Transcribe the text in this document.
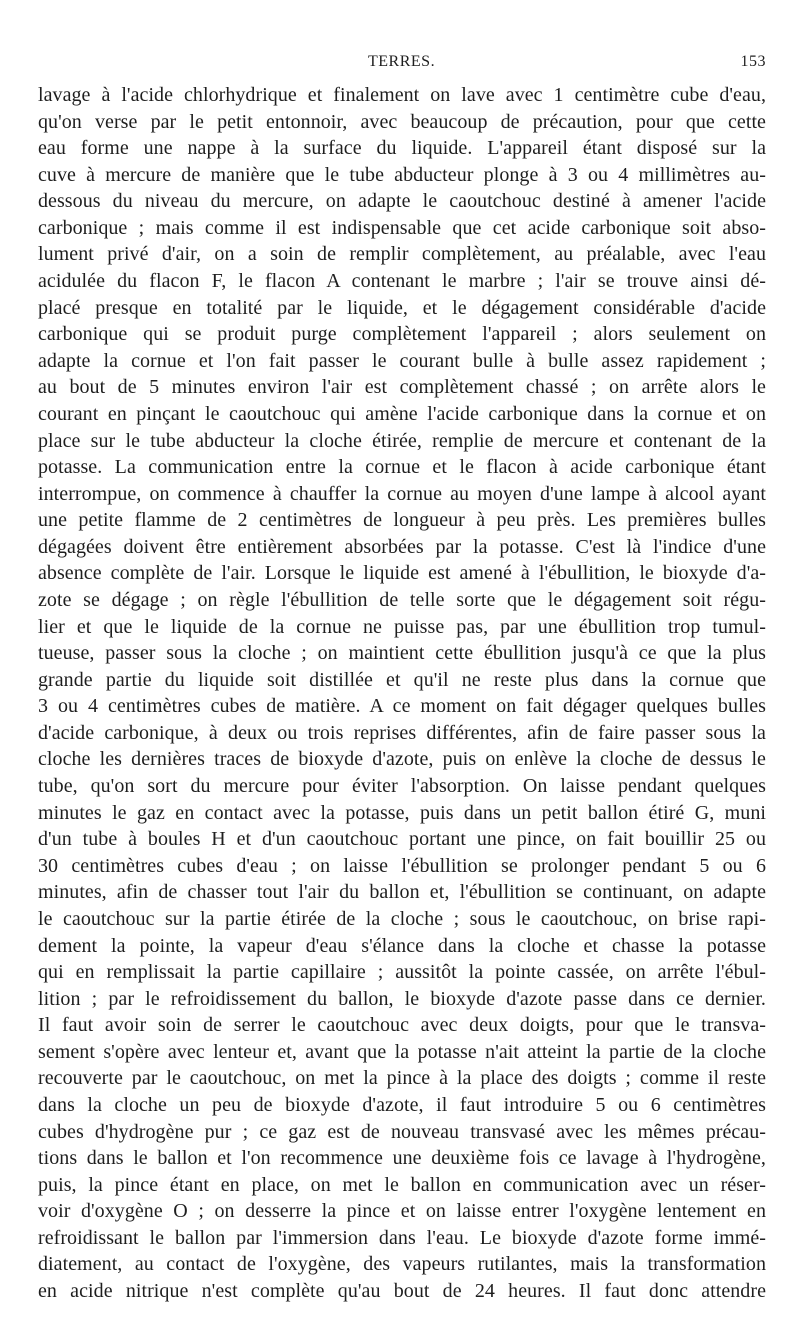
TERRES.	153
lavage à l'acide chlorhydrique et finalement on lave avec 1 centimètre cube d'eau,
qu'on verse par le petit entonnoir, avec beaucoup de précaution, pour que cette
eau forme une nappe à la surface du liquide. L'appareil étant disposé sur la
cuve à mercure de manière que le tube abducteur plonge à 3 ou 4 millimètres au-
dessous du niveau du mercure, on adapte le caoutchouc destiné à amener l'acide
carbonique ; mais comme il est indispensable que cet acide carbonique soit abso-
lument privé d'air, on a soin de remplir complètement, au préalable, avec l'eau
acidulée du flacon F, le flacon A contenant le marbre ; l'air se trouve ainsi dé-
placé presque en totalité par le liquide, et le dégagement considérable d'acide
carbonique qui se produit purge complètement l'appareil ; alors seulement on
adapte la cornue et l'on fait passer le courant bulle à bulle assez rapidement ;
au bout de 5 minutes environ l'air est complètement chassé ; on arrête alors le
courant en pinçant le caoutchouc qui amène l'acide carbonique dans la cornue et on
place sur le tube abducteur la cloche étirée, remplie de mercure et contenant de la
potasse. La communication entre la cornue et le flacon à acide carbonique étant
interrompue, on commence à chauffer la cornue au moyen d'une lampe à alcool ayant
une petite flamme de 2 centimètres de longueur à peu près. Les premières bulles
dégagées doivent être entièrement absorbées par la potasse. C'est là l'indice d'une
absence complète de l'air. Lorsque le liquide est amené à l'ébullition, le bioxyde d'a-
zote se dégage ; on règle l'ébullition de telle sorte que le dégagement soit régu-
lier et que le liquide de la cornue ne puisse pas, par une ébullition trop tumul-
tueuse, passer sous la cloche ; on maintient cette ébullition jusqu'à ce que la plus
grande partie du liquide soit distillée et qu'il ne reste plus dans la cornue que
3 ou 4 centimètres cubes de matière. A ce moment on fait dégager quelques bulles
d'acide carbonique, à deux ou trois reprises différentes, afin de faire passer sous la
cloche les dernières traces de bioxyde d'azote, puis on enlève la cloche de dessus le
tube, qu'on sort du mercure pour éviter l'absorption. On laisse pendant quelques
minutes le gaz en contact avec la potasse, puis dans un petit ballon étiré G, muni
d'un tube à boules H et d'un caoutchouc portant une pince, on fait bouillir 25 ou
30 centimètres cubes d'eau ; on laisse l'ébullition se prolonger pendant 5 ou 6
minutes, afin de chasser tout l'air du ballon et, l'ébullition se continuant, on adapte
le caoutchouc sur la partie étirée de la cloche ; sous le caoutchouc, on brise rapi-
dement la pointe, la vapeur d'eau s'élance dans la cloche et chasse la potasse
qui en remplissait la partie capillaire ; aussitôt la pointe cassée, on arrête l'ébul-
lition ; par le refroidissement du ballon, le bioxyde d'azote passe dans ce dernier.
Il faut avoir soin de serrer le caoutchouc avec deux doigts, pour que le transva-
sement s'opère avec lenteur et, avant que la potasse n'ait atteint la partie de la cloche
recouverte par le caoutchouc, on met la pince à la place des doigts ; comme il reste
dans la cloche un peu de bioxyde d'azote, il faut introduire 5 ou 6 centimètres
cubes d'hydrogène pur ; ce gaz est de nouveau transvasé avec les mêmes précau-
tions dans le ballon et l'on recommence une deuxième fois ce lavage à l'hydrogène,
puis, la pince étant en place, on met le ballon en communication avec un réser-
voir d'oxygène O ; on desserre la pince et on laisse entrer l'oxygène lentement en
refroidissant le ballon par l'immersion dans l'eau. Le bioxyde d'azote forme immé-
diatement, au contact de l'oxygène, des vapeurs rutilantes, mais la transformation
en acide nitrique n'est complète qu'au bout de 24 heures. Il faut donc attendre
